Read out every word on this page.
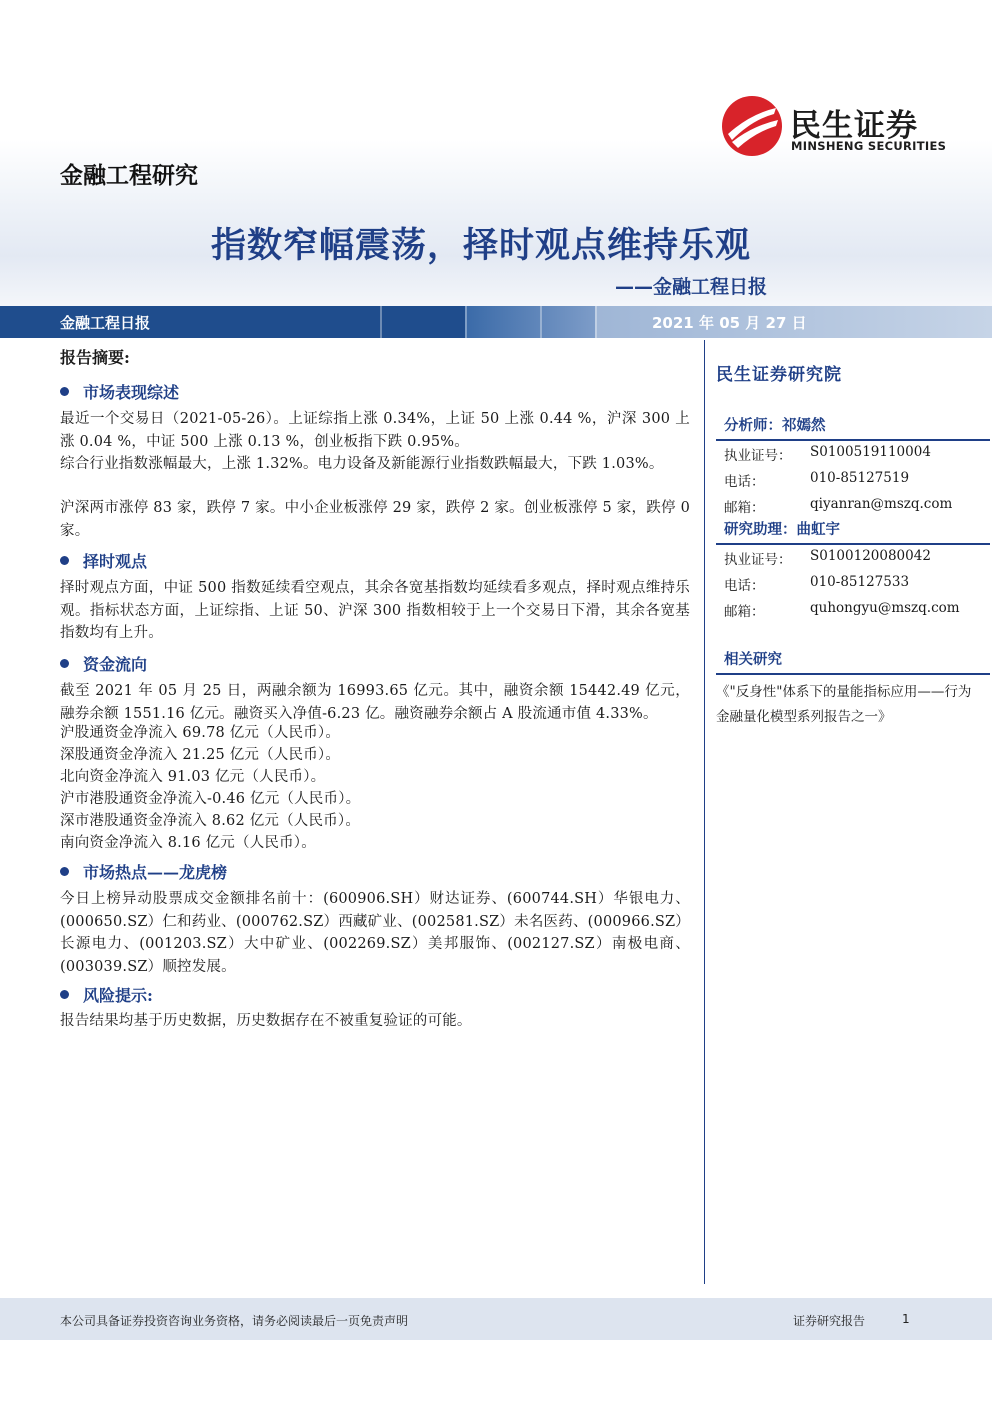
民生证券
MINSHENG SECURITIES
金融工程研究
指数窄幅震荡，择时观点维持乐观
——金融工程日报
金融工程日报	2021 年 05 月 27 日
报告摘要:
市场表现综述
最近一个交易日（2021-05-26）。上证综指上涨 0.34%，上证 50 上涨 0.44 %，沪深 300 上涨 0.04 %，中证 500 上涨 0.13 %，创业板指下跌 0.95%。
综合行业指数涨幅最大，上涨 1.32%。电力设备及新能源行业指数跌幅最大，下跌 1.03%。
沪深两市涨停 83 家，跌停 7 家。中小企业板涨停 29 家，跌停 2 家。创业板涨停 5 家，跌停 0 家。
择时观点
择时观点方面，中证 500 指数延续看空观点，其余各宽基指数均延续看多观点，择时观点维持乐观。指标状态方面，上证综指、上证 50、沪深 300 指数相较于上一个交易日下滑，其余各宽基指数均有上升。
资金流向
截至 2021 年 05 月 25 日，两融余额为 16993.65 亿元。其中，融资余额 15442.49 亿元，融券余额 1551.16 亿元。融资买入净值-6.23 亿。融资融券余额占 A 股流通市值 4.33%。
沪股通资金净流入 69.78 亿元（人民币）。
深股通资金净流入 21.25 亿元（人民币）。
北向资金净流入 91.03 亿元（人民币）。
沪市港股通资金净流入-0.46 亿元（人民币）。
深市港股通资金净流入 8.62 亿元（人民币）。
南向资金净流入 8.16 亿元（人民币）。
市场热点——龙虎榜
今日上榜异动股票成交金额排名前十：(600906.SH）财达证券、(600744.SH）华银电力、(000650.SZ）仁和药业、(000762.SZ）西藏矿业、(002581.SZ）未名医药、(000966.SZ）长源电力、(001203.SZ）大中矿业、(002269.SZ）美邦服饰、(002127.SZ）南极电商、(003039.SZ）顺控发展。
风险提示:
报告结果均基于历史数据，历史数据存在不被重复验证的可能。
民生证券研究院
分析师：祁嫣然
执业证号： S0100519110004
电话：	010-85127519
邮箱：	qiyanran@mszq.com
研究助理：曲虹宇
执业证号： S0100120080042
电话：	010-85127533
邮箱：	quhongyu@mszq.com
相关研究
《"反身性"体系下的量能指标应用——行为金融量化模型系列报告之一》
本公司具备证券投资咨询业务资格，请务必阅读最后一页免责声明	证券研究报告	1
